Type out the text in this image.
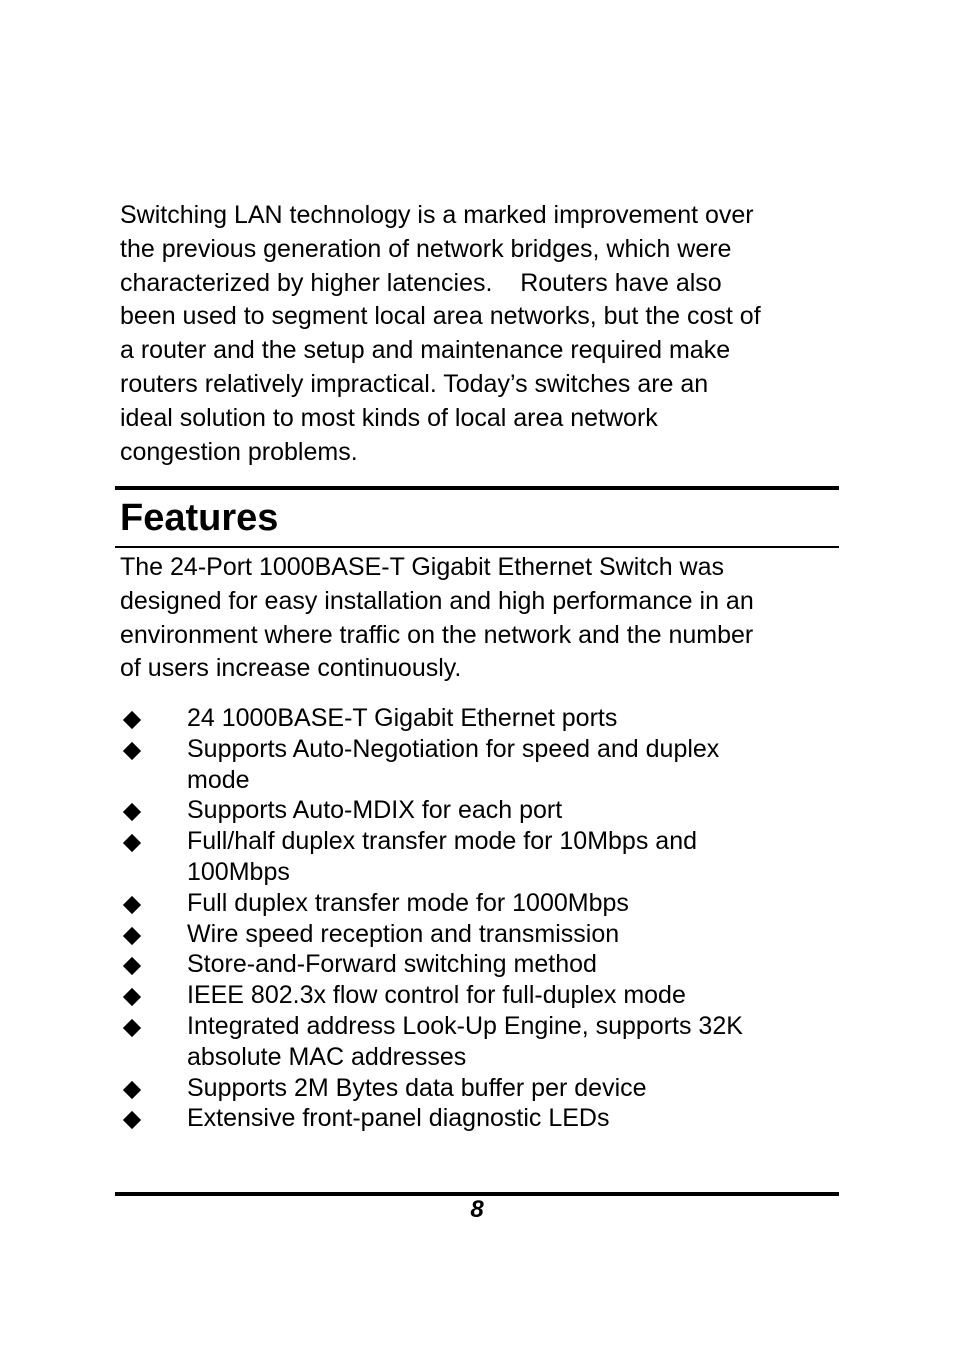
Switching LAN technology is a marked improvement over
the previous generation of network bridges, which were
characterized by higher latencies.    Routers have also
been used to segment local area networks, but the cost of
a router and the setup and maintenance required make
routers relatively impractical. Today’s switches are an
ideal solution to most kinds of local area network
congestion problems.

Features

The 24-Port 1000BASE-T Gigabit Ethernet Switch was
designed for easy installation and high performance in an
environment where traffic on the network and the number
of users increase continuously.

24 1000BASE-T Gigabit Ethernet ports
Supports Auto-Negotiation for speed and duplex
mode
Supports Auto-MDIX for each port
Full/half duplex transfer mode for 10Mbps and
100Mbps
Full duplex transfer mode for 1000Mbps
Wire speed reception and transmission
Store-and-Forward switching method
IEEE 802.3x flow control for full-duplex mode
Integrated address Look-Up Engine, supports 32K
absolute MAC addresses
Supports 2M Bytes data buffer per device
Extensive front-panel diagnostic LEDs
8
